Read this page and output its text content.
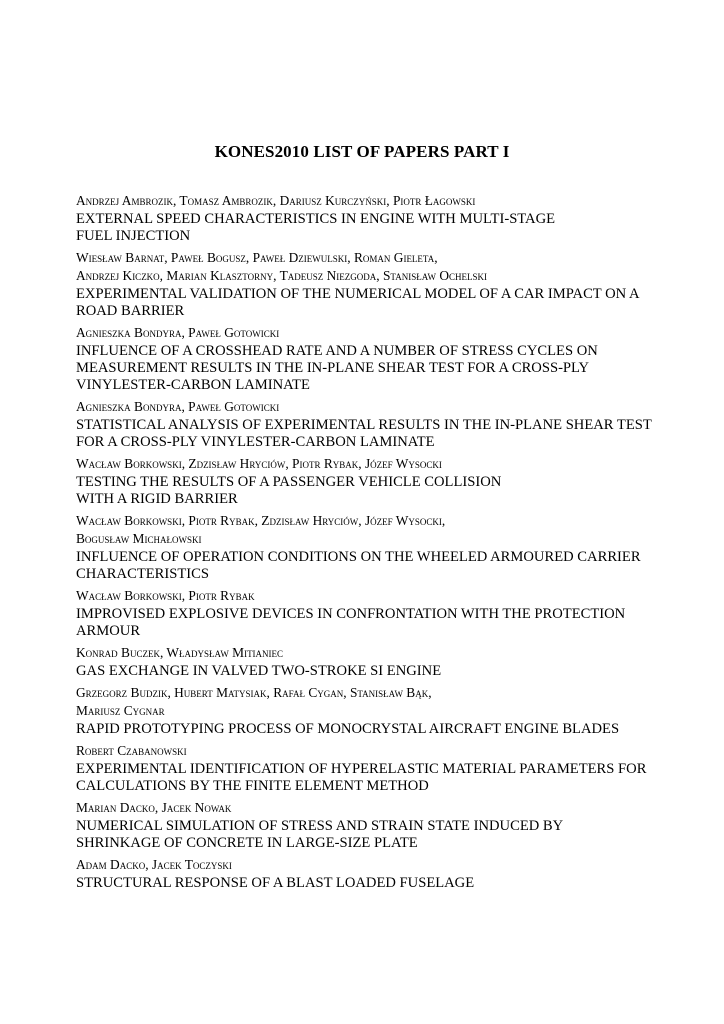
KONES2010 LIST OF PAPERS PART I
Andrzej Ambrozik, Tomasz Ambrozik, Dariusz Kurczyński, Piotr Łagowski
EXTERNAL SPEED CHARACTERISTICS IN ENGINE WITH MULTI-STAGE
FUEL INJECTION
Wiesław Barnat, Paweł Bogusz, Paweł Dziewulski, Roman Gieleta,
Andrzej Kiczko, Marian Klasztorny, Tadeusz Niezgoda, Stanisław Ochelski
EXPERIMENTAL VALIDATION OF THE NUMERICAL MODEL OF A CAR IMPACT ON A
ROAD BARRIER
Agnieszka Bondyra, Paweł Gotowicki
INFLUENCE OF A CROSSHEAD RATE AND A NUMBER OF STRESS CYCLES ON
MEASUREMENT RESULTS IN THE IN-PLANE SHEAR TEST FOR A CROSS-PLY
VINYLESTER-CARBON LAMINATE
Agnieszka Bondyra, Paweł Gotowicki
STATISTICAL ANALYSIS OF EXPERIMENTAL RESULTS IN THE IN-PLANE SHEAR TEST
FOR A CROSS-PLY VINYLESTER-CARBON LAMINATE
Wacław Borkowski, Zdzisław Hryciów, Piotr Rybak, Józef Wysocki
TESTING THE RESULTS OF A PASSENGER VEHICLE COLLISION
WITH A RIGID BARRIER
Wacław Borkowski, Piotr Rybak, Zdzisław Hryciów, Józef Wysocki,
Bogusław Michałowski
INFLUENCE OF OPERATION CONDITIONS ON THE WHEELED ARMOURED CARRIER
CHARACTERISTICS
Wacław Borkowski, Piotr Rybak
IMPROVISED EXPLOSIVE DEVICES IN CONFRONTATION WITH THE PROTECTION
ARMOUR
Konrad Buczek, Władysław Mitianiec
GAS EXCHANGE IN VALVED TWO-STROKE SI ENGINE
Grzegorz Budzik, Hubert Matysiak, Rafał Cygan, Stanisław Bąk,
Mariusz Cygnar
RAPID PROTOTYPING PROCESS OF MONOCRYSTAL AIRCRAFT ENGINE BLADES
Robert Czabanowski
EXPERIMENTAL IDENTIFICATION OF HYPERELASTIC MATERIAL PARAMETERS FOR
CALCULATIONS BY THE FINITE ELEMENT METHOD
Marian Dacko, Jacek Nowak
NUMERICAL SIMULATION OF STRESS AND STRAIN STATE INDUCED BY
SHRINKAGE OF CONCRETE IN LARGE-SIZE PLATE
Adam Dacko, Jacek Toczyski
STRUCTURAL RESPONSE OF A BLAST LOADED FUSELAGE
